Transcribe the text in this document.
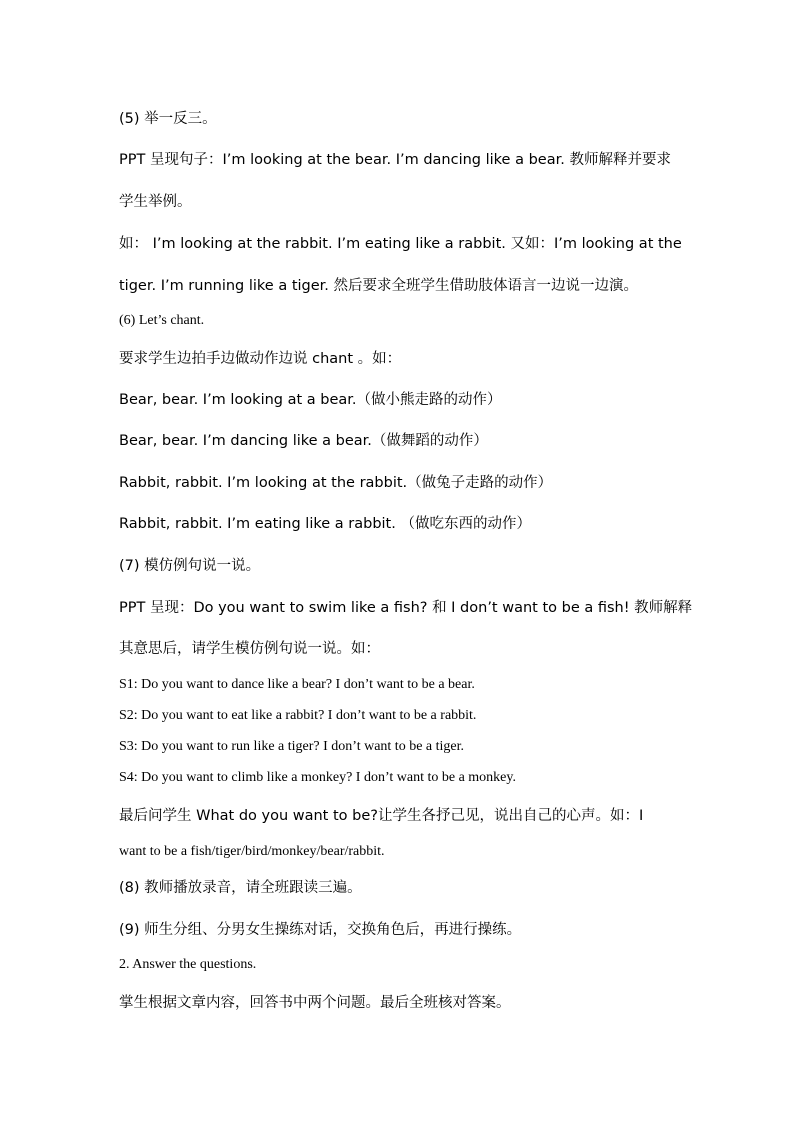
(5) 举一反三。
PPT 呈现句子：I’m looking at the bear. I’m dancing like a bear. 教师解释并要求
学生举例。
如： I’m looking at the rabbit. I’m eating like a rabbit. 又如：I’m looking at the
tiger. I’m running like a tiger. 然后要求全班学生借助肢体语言一边说一边演。
(6) Let’s chant.
要求学生边拍手边做动作边说 chant 。如：
Bear, bear. I’m looking at a bear.（做小熊走路的动作）
Bear, bear. I’m dancing like a bear.（做舞蹈的动作）
Rabbit, rabbit. I’m looking at the rabbit.（做兔子走路的动作）
Rabbit, rabbit. I’m eating like a rabbit. （做吃东西的动作）
(7) 模仿例句说一说。
PPT 呈现：Do you want to swim like a fish? 和 I don’t want to be a fish! 教师解释
其意思后，请学生模仿例句说一说。如：
S1: Do you want to dance like a bear? I don’t want to be a bear.
S2: Do you want to eat like a rabbit? I don’t want to be a rabbit.
S3: Do you want to run like a tiger? I don’t want to be a tiger.
S4: Do you want to climb like a monkey? I don’t want to be a monkey.
最后问学生 What do you want to be?让学生各抒己见，说出自己的心声。如：I
want to be a fish/tiger/bird/monkey/bear/rabbit.
(8) 教师播放录音，请全班跟读三遍。
(9) 师生分组、分男女生操练对话，交换角色后，再进行操练。
2. Answer the questions.
掌生根据文章内容，回答书中两个问题。最后全班核对答案。
